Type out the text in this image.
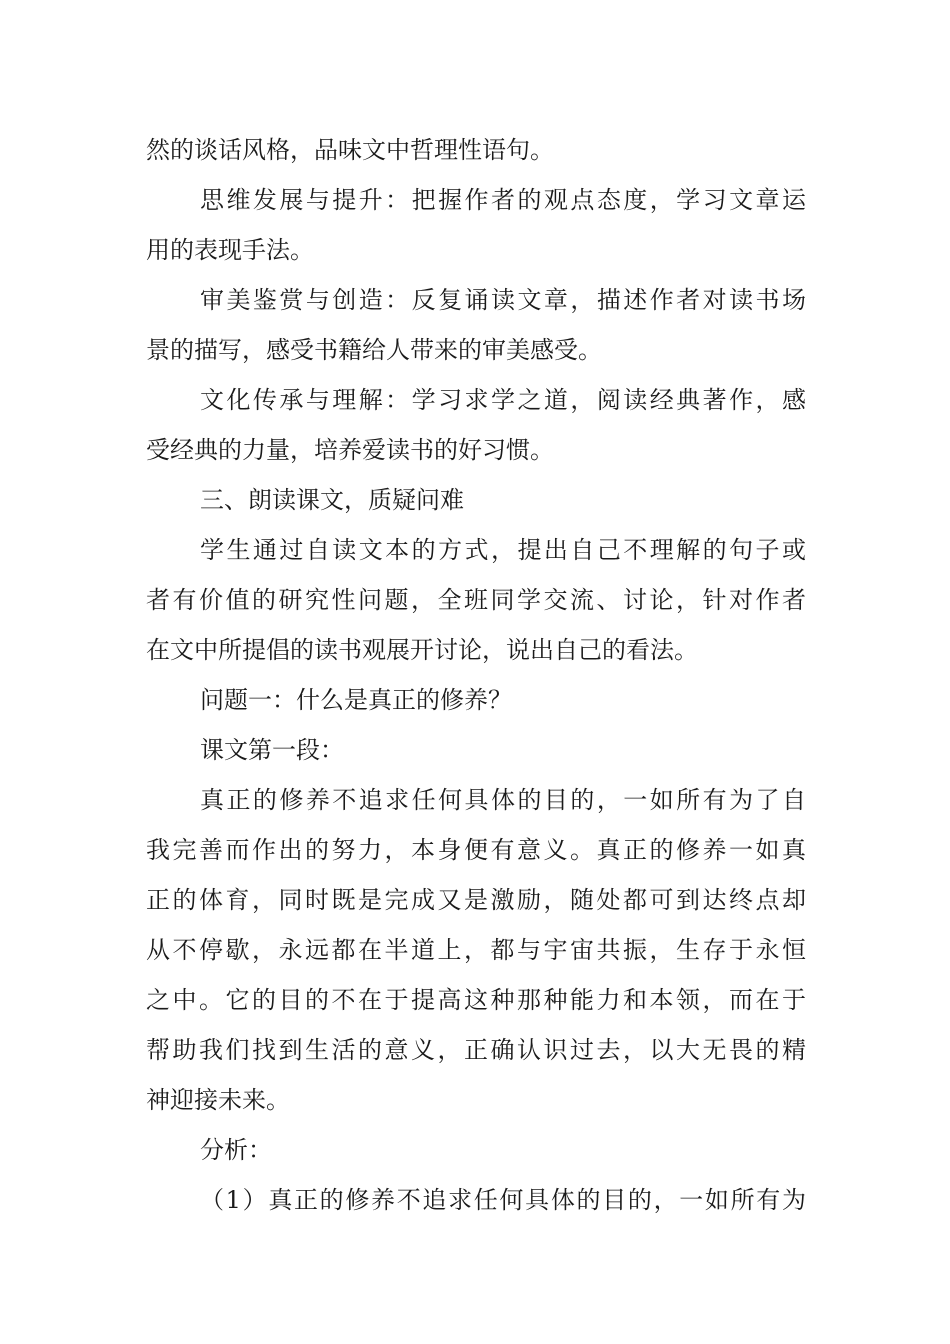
然的谈话风格，品味文中哲理性语句。
思维发展与提升：把握作者的观点态度，学习文章运
用的表现手法。
审美鉴赏与创造：反复诵读文章，描述作者对读书场
景的描写，感受书籍给人带来的审美感受。
文化传承与理解：学习求学之道，阅读经典著作，感
受经典的力量，培养爱读书的好习惯。
三、朗读课文，质疑问难
学生通过自读文本的方式，提出自己不理解的句子或
者有价值的研究性问题，全班同学交流、讨论，针对作者
在文中所提倡的读书观展开讨论，说出自己的看法。
问题一：什么是真正的修养？
课文第一段：
真正的修养不追求任何具体的目的，一如所有为了自
我完善而作出的努力，本身便有意义。真正的修养一如真
正的体育，同时既是完成又是激励，随处都可到达终点却
从不停歇，永远都在半道上，都与宇宙共振，生存于永恒
之中。它的目的不在于提高这种那种能力和本领，而在于
帮助我们找到生活的意义，正确认识过去，以大无畏的精
神迎接未来。
分析：
（1）真正的修养不追求任何具体的目的，一如所有为
